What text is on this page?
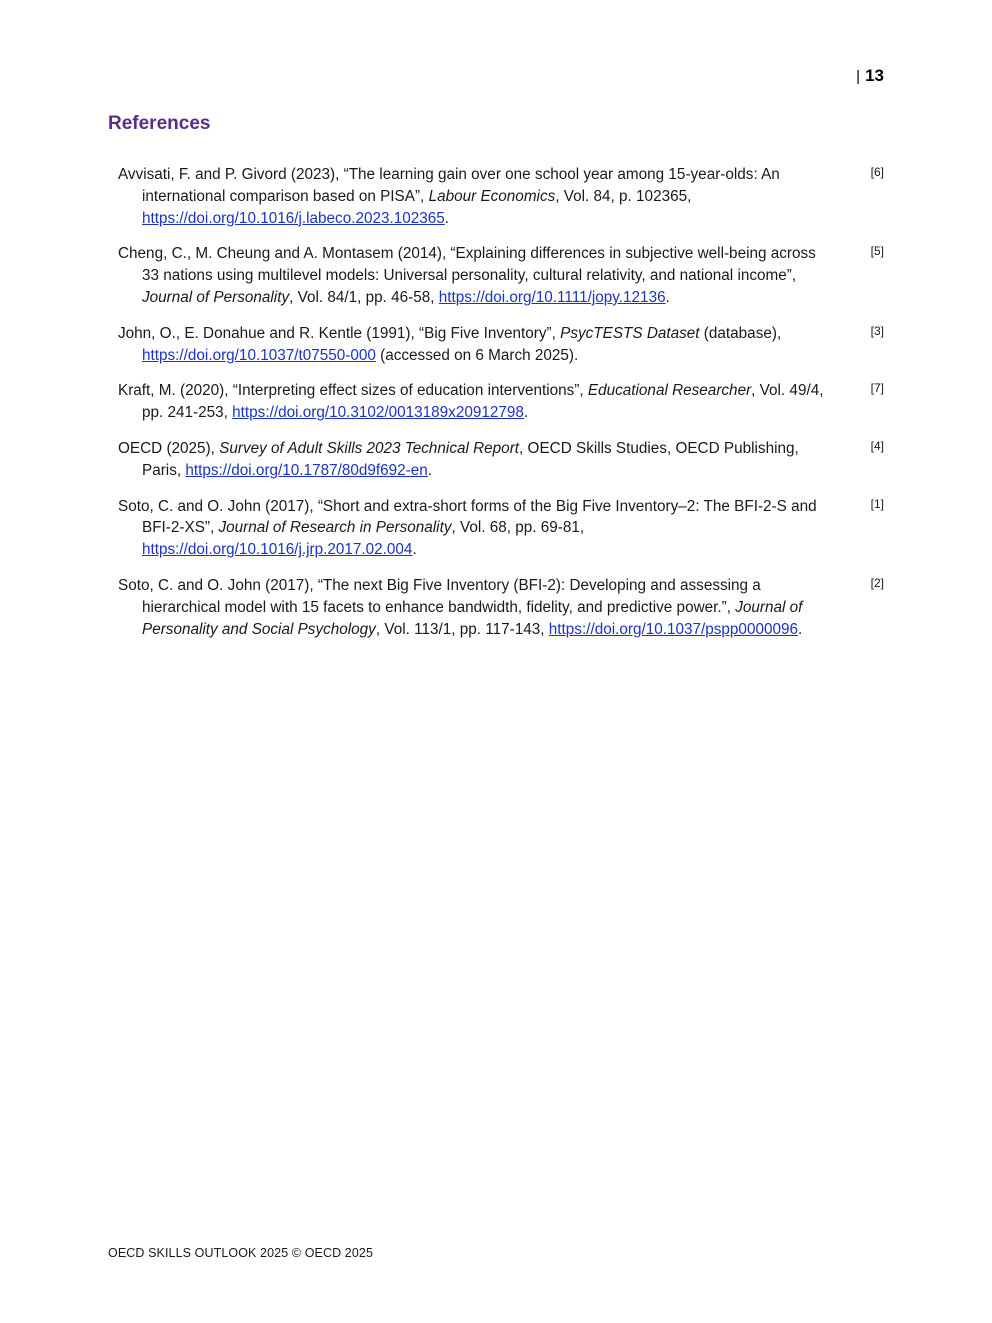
| 13
References
Avvisati, F. and P. Givord (2023), “The learning gain over one school year among 15-year-olds: An international comparison based on PISA”, Labour Economics, Vol. 84, p. 102365, https://doi.org/10.1016/j.labeco.2023.102365.
[6]
Cheng, C., M. Cheung and A. Montasem (2014), “Explaining differences in subjective well-being across 33 nations using multilevel models: Universal personality, cultural relativity, and national income”, Journal of Personality, Vol. 84/1, pp. 46-58, https://doi.org/10.1111/jopy.12136.
[5]
John, O., E. Donahue and R. Kentle (1991), “Big Five Inventory”, PsycTESTS Dataset (database), https://doi.org/10.1037/t07550-000 (accessed on 6 March 2025).
[3]
Kraft, M. (2020), “Interpreting effect sizes of education interventions”, Educational Researcher, Vol. 49/4, pp. 241-253, https://doi.org/10.3102/0013189x20912798.
[7]
OECD (2025), Survey of Adult Skills 2023 Technical Report, OECD Skills Studies, OECD Publishing, Paris, https://doi.org/10.1787/80d9f692-en.
[4]
Soto, C. and O. John (2017), “Short and extra-short forms of the Big Five Inventory–2: The BFI-2-S and BFI-2-XS”, Journal of Research in Personality, Vol. 68, pp. 69-81, https://doi.org/10.1016/j.jrp.2017.02.004.
[1]
Soto, C. and O. John (2017), “The next Big Five Inventory (BFI-2): Developing and assessing a hierarchical model with 15 facets to enhance bandwidth, fidelity, and predictive power.”, Journal of Personality and Social Psychology, Vol. 113/1, pp. 117-143, https://doi.org/10.1037/pspp0000096.
[2]
OECD SKILLS OUTLOOK 2025 © OECD 2025
